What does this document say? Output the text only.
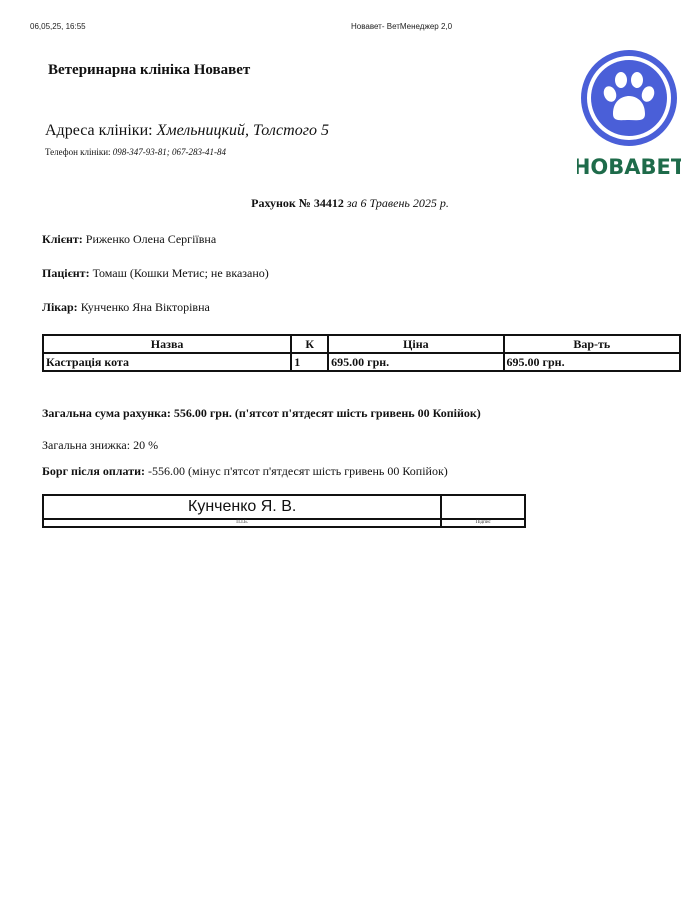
06,05,25, 16:55	Новавет- ВетМенеджер 2,0
Ветеринарна клініка Новавет
Адреса клініки: Хмельницкий, Толстого 5
Телефон клініки: 098-347-93-81; 067-283-41-84
НОВАВЕТ
Рахунок № 34412 за 6 Травень 2025 р.
Клієнт: Риженко Олена Сергіївна
Пацієнт: Томаш (Кошки Метис; не вказано)
Лікар: Кунченко Яна Вікторівна
Назва	К	Ціна	Вар-ть
Кастрація кота	1	695.00 грн.	695.00 грн.
Загальна сума рахунка: 556.00 грн. (п'ятсот п'ятдесят шість гривень 00 Копійок)
Загальна знижка: 20 %
Борг після оплати: -556.00 (мінус п'ятсот п'ятдесят шість гривень 00 Копійок)
Кунченко Я. В.	
П.І.Б.	Підпис
